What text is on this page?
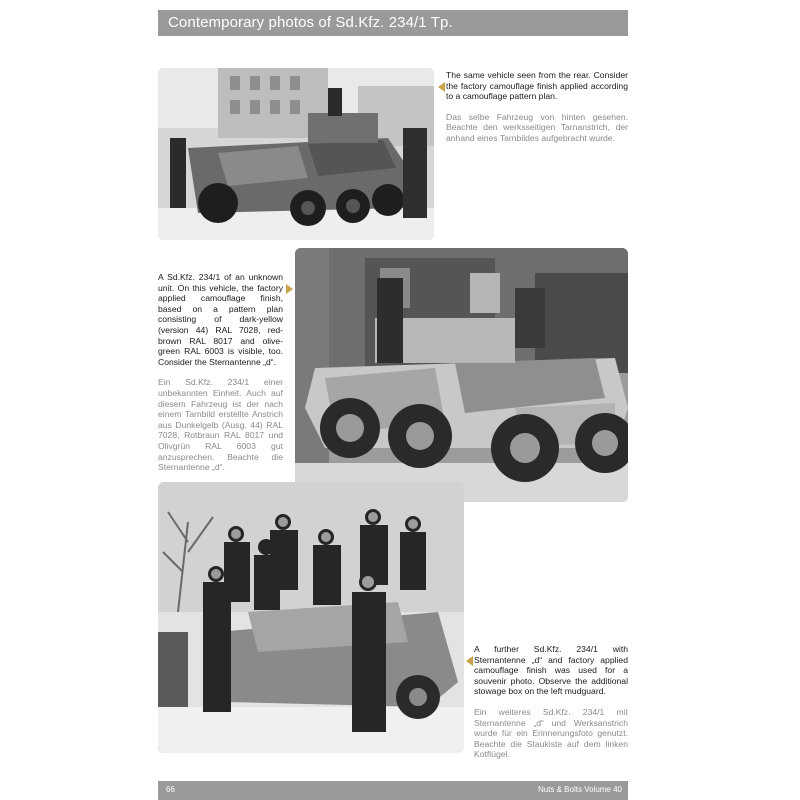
Contemporary photos of Sd.Kfz. 234/1 Tp.

The same vehicle seen from the rear. Consider the factory camouflage finish applied according to a camouflage pattern plan.

Das selbe Fahrzeug von hinten gesehen. Beachte den werksseitigen Tarnanstrich, der anhand eines Tarnbildes aufgebracht wurde.

A Sd.Kfz. 234/1 of an unknown unit. On this vehicle, the factory applied camouflage finish, based on a pattern plan consisting of dark-yellow (version 44) RAL 7028, red-brown RAL 8017 and olive-green RAL 6003 is visible, too. Consider the Sternantenne „d“.

Ein Sd.Kfz. 234/1 einer unbekannten Einheit. Auch auf diesem Fahrzeug ist der nach einem Tarnbild erstellte Anstrich aus Dunkelgelb (Ausg. 44) RAL 7028, Rotbraun RAL 8017 und Olivgrün RAL 6003 gut anzusprechen. Beachte die Sternantenne „d“.

A further Sd.Kfz. 234/1 with Sternantenne „d“ and factory applied camouflage finish was used for a souvenir photo. Observe the additional stowage box on the left mudguard.

Ein weiteres Sd.Kfz. 234/1 mit Sternantenne „d“ und Werksanstrich wurde für ein Erinnerungsfoto genutzt. Beachte die Staukiste auf dem linken Kotflügel.

66	Nuts & Bolts Volume 40
